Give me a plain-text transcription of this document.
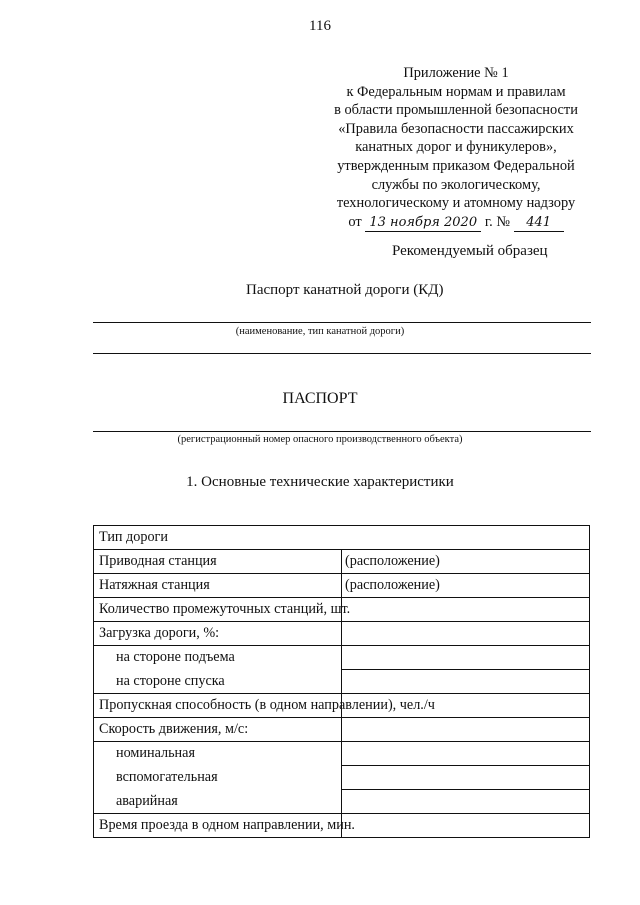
116
Приложение № 1
к Федеральным нормам и правилам
в области промышленной безопасности
«Правила безопасности пассажирских
канатных дорог и фуникулеров»,
утвержденным приказом Федеральной
службы по экологическому,
технологическому и атомному надзору
от 13 ноября 2020 г. № 441
Рекомендуемый образец
Паспорт канатной дороги (КД)
(наименование, тип канатной дороги)
ПАСПОРТ
(регистрационный номер опасного производственного объекта)
1. Основные технические характеристики
Тип дороги	
Приводная станция	(расположение)
Натяжная станция	(расположение)
Количество промежуточных станций, шт.	
Загрузка дороги, %:	
на стороне подъема	
на стороне спуска	
Пропускная способность (в одном направлении), чел./ч	
Скорость движения, м/с:	
номинальная	
вспомогательная	
аварийная	
Время проезда в одном направлении, мин.	
